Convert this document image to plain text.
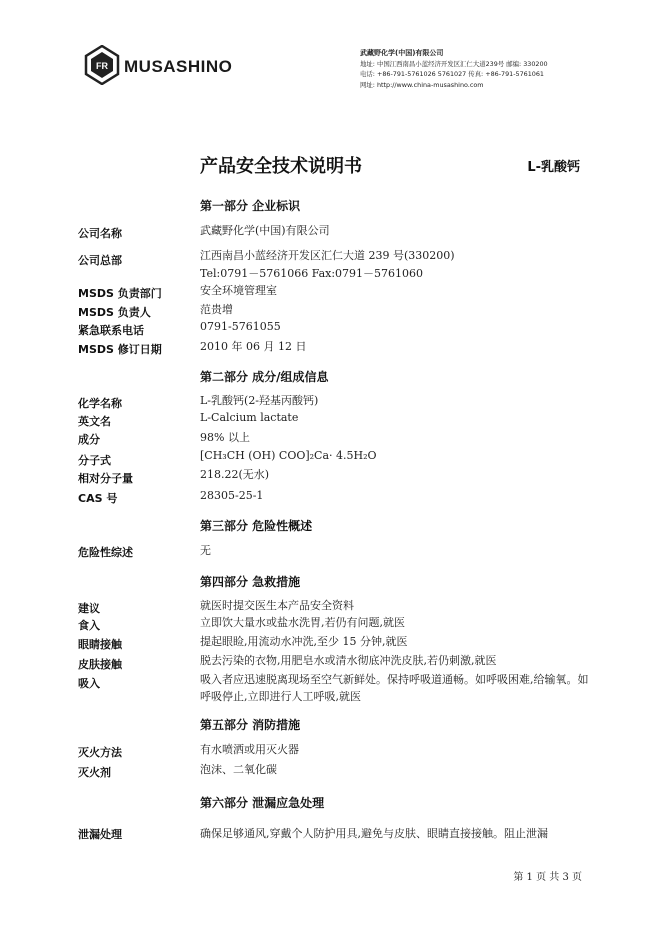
FR MUSASHINO
武藏野化学(中国)有限公司
地址: 中国江西南昌小蓝经济开发区汇仁大道239号 邮编: 330200
电话: +86-791-5761026 5761027 传真: +86-791-5761061
网址: http://www.china-musashino.com
产品安全技术说明书	L-乳酸钙
第一部分 企业标识
公司名称	武藏野化学(中国)有限公司
公司总部	江西南昌小蓝经济开发区汇仁大道 239 号(330200)
Tel:0791－5761066 Fax:0791－5761060
MSDS 负责部门	安全环境管理室
MSDS 负责人	范贵增
紧急联系电话	0791-5761055
MSDS 修订日期	2010 年 06 月 12 日
第二部分 成分/组成信息
化学名称	L-乳酸钙(2-羟基丙酸钙)
英文名	L-Calcium lactate
成分	98% 以上
分子式	[CH₃CH (OH) COO]₂Ca· 4.5H₂O
相对分子量	218.22(无水)
CAS 号	28305-25-1
第三部分 危险性概述
危险性综述	无
第四部分 急救措施
建议	就医时提交医生本产品安全资料
食入	立即饮大量水或盐水洗胃,若仍有问题,就医
眼睛接触	提起眼睑,用流动水冲洗,至少 15 分钟,就医
皮肤接触	脱去污染的衣物,用肥皂水或清水彻底冲洗皮肤,若仍刺激,就医
吸入	吸入者应迅速脱离现场至空气新鲜处。保持呼吸道通畅。如呼吸困难,给输氧。如呼吸停止,立即进行人工呼吸,就医
第五部分 消防措施
灭火方法	有水喷洒或用灭火器
灭火剂	泡沫、二氧化碳
第六部分 泄漏应急处理
泄漏处理	确保足够通风,穿戴个人防护用具,避免与皮肤、眼睛直接接触。阻止泄漏
第 1 页 共 3 页
